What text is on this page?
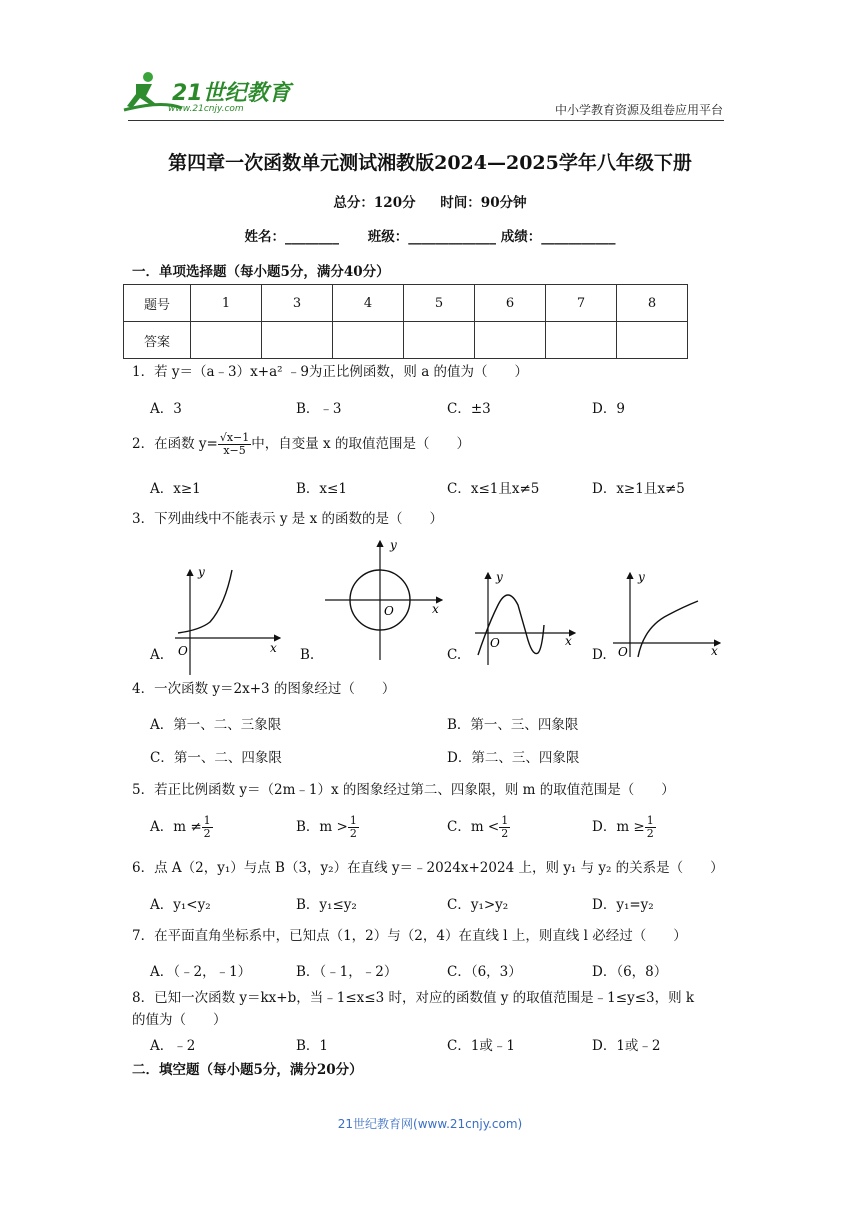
21世纪教育
www.21cnjy.com	中小学教育资源及组卷应用平台
第四章一次函数单元测试湘教版2024—2025学年八年级下册
总分：120分 时间：90分钟
姓名：________ 班级：_____________ 成绩：___________
一．单项选择题（每小题5分，满分40分）
题号	1	3	4	5	6	7	8
答案							
1．若 y＝（a﹣3）x+a² ﹣9为正比例函数，则 a 的值为（　　）
A．3	B．﹣3	C．±3	D．9
2．在函数 $y= \frac{√x-1}{x-5}$ 中，自变量 x 的取值范围是（　　）
A．x≥1	B．x≤1	C．x≤1且x≠5	D．x≥1且x≠5
3．下列曲线中不能表示 y 是 x 的函数的是（　　）
y
x
O
A.
y
x
O
B.
y
x
O
C.
y
x
O
D.
4．一次函数 y＝2x+3 的图象经过（　　）
A．第一、二、三象限	B．第一、三、四象限
C．第一、二、四象限	D．第二、三、四象限
5．若正比例函数 y＝（2m﹣1）x 的图象经过第二、四象限，则 m 的取值范围是（　　）
A．$m \ne \frac{1}{2}$	B．$m > \frac{1}{2}$	C．$m < \frac{1}{2}$	D．$m \ge \frac{1}{2}$
6．点 A（2，y₁）与点 B（3，y₂）在直线 y＝﹣2024x+2024 上，则 y₁ 与 y₂ 的关系是（　　）
A．y₁<y₂	B．y₁≤y₂	C．y₁>y₂	D．y₁=y₂
7．在平面直角坐标系中，已知点（1，2）与（2，4）在直线 l 上，则直线 l 必经过（　　）
A．（﹣2，﹣1）	B．（﹣1，﹣2）	C．（6，3）	D．（6，8）
8．已知一次函数 y＝kx+b，当﹣1≤x≤3 时，对应的函数值 y 的取值范围是﹣1≤y≤3，则 k
的值为（　　）
A．﹣2	B．1	C．1或﹣1	D．1或﹣2
二．填空题（每小题5分，满分20分）
21世纪教育网(www.21cnjy.com)
